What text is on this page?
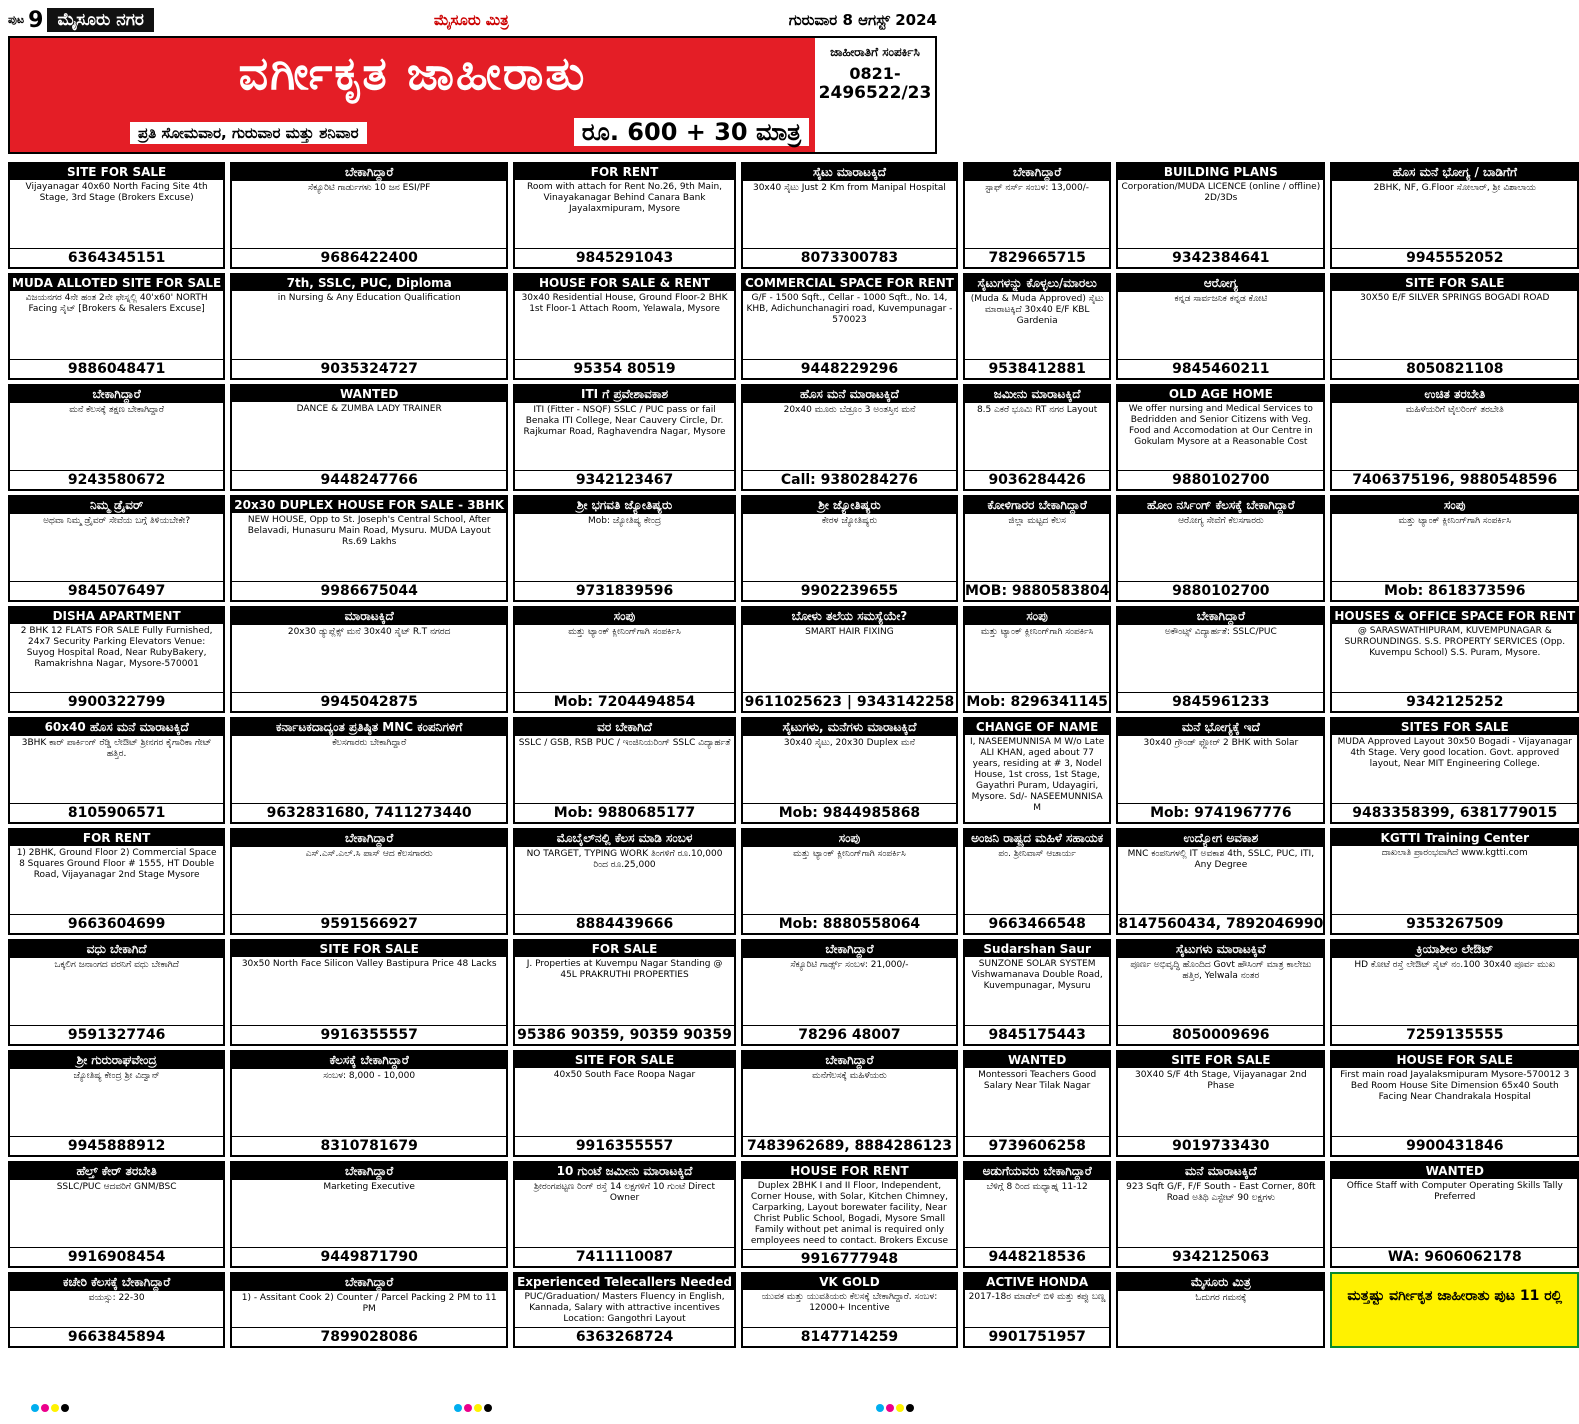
ಪುಟ 9 ಮೈಸೂರು ನಗರ	ಮೈಸೂರು ಮಿತ್ರ	ಗುರುವಾರ 8 ಆಗಸ್ಟ್ 2024
ವರ್ಗೀಕೃತ ಜಾಹೀರಾತು
ಪ್ರತಿ ಸೋಮವಾರ, ಗುರುವಾರ ಮತ್ತು ಶನಿವಾರ	ರೂ. 600 + 30 ಮಾತ್ರ
ಜಾಹೀರಾತಿಗೆ ಸಂಪರ್ಕಿಸಿ
0821-
2496522/23
SITE FOR SALE
Vijayanagar 40x60 North Facing Site 4th Stage, 3rd Stage (Brokers Excuse)
6364345151
ಬೇಕಾಗಿದ್ದಾರೆ
ಸೆಕ್ಯೂರಿಟಿ ಗಾರ್ಡುಗಳು 10 ಜನ ESI/PF
9686422400
FOR RENT
Room with attach for Rent No.26, 9th Main, Vinayakanagar Behind Canara Bank Jayalaxmipuram, Mysore
9845291043
ಸೈಟು ಮಾರಾಟಕ್ಕಿದೆ
30x40 ಸೈಟು Just 2 Km from Manipal Hospital
8073300783
ಬೇಕಾಗಿದ್ದಾರೆ
ಸ್ಟಾಫ್ ನರ್ಸ್ ಸಂಬಳ: 13,000/-
7829665715
BUILDING PLANS
Corporation/MUDA LICENCE (online / offline) 2D/3Ds
9342384641
ಹೊಸ ಮನೆ ಭೋಗ್ಯ / ಬಾಡಿಗೆಗೆ
2BHK, NF, G.Floor ಸೋಲಾರ್, ಶ್ರೀ ವಿಶಾಲಾಯ
9945552052
MUDA ALLOTED SITE FOR SALE
ವಿಜಯನಗರ 4ನೇ ಹಂತ 2ನೇ ಫೇಸ್ನಲ್ಲಿ 40'x60' NORTH Facing ಸೈಟ್ [Brokers & Resalers Excuse]
9886048471
7th, SSLC, PUC, Diploma
in Nursing & Any Education Qualification
9035324727
HOUSE FOR SALE & RENT
30x40 Residential House, Ground Floor-2 BHK 1st Floor-1 Attach Room, Yelawala, Mysore
95354 80519
COMMERCIAL SPACE FOR RENT
G/F - 1500 Sqft., Cellar - 1000 Sqft., No. 14, KHB, Adichunchanagiri road, Kuvempunagar - 570023
9448229296
ಸೈಟುಗಳನ್ನು ಕೊಳ್ಳಲು/ಮಾರಲು
(Muda & Muda Approved) ಸೈಟು ಮಾರಾಟಕ್ಕಿದೆ 30x40 E/F KBL Gardenia
9538412881
ಆರೋಗ್ಯ
ಕನ್ನಡ ಸಾರ್ವಜನಿಕ ಕನ್ನಡ ಕೋಟಿ
9845460211
SITE FOR SALE
30X50 E/F SILVER SPRINGS BOGADI ROAD
8050821108
ಬೇಕಾಗಿದ್ದಾರೆ
ಮನೆ ಕೆಲಸಕ್ಕೆ ತಕ್ಷಣ ಬೇಕಾಗಿದ್ದಾರೆ
9243580672
WANTED
DANCE & ZUMBA LADY TRAINER
9448247766
ITI ಗೆ ಪ್ರವೇಶಾವಕಾಶ
ITI (Fitter - NSQF) SSLC / PUC pass or fail Benaka ITI College, Near Cauvery Circle, Dr. Rajkumar Road, Raghavendra Nagar, Mysore
9342123467
ಹೊಸ ಮನೆ ಮಾರಾಟಕ್ಕಿದೆ
20x40 ಮೂರು ಬೆಡ್ರೂಂ 3 ಅಂತಸ್ತಿನ ಮನೆ
Call: 9380284276
ಜಮೀನು ಮಾರಾಟಕ್ಕಿದೆ
8.5 ಎಕರೆ ಭೂಮಿ RT ನಗರ Layout
9036284426
OLD AGE HOME
We offer nursing and Medical Services to Bedridden and Senior Citizens with Veg. Food and Accomodation at Our Centre in Gokulam Mysore at a Reasonable Cost
9880102700
ಉಚಿತ ತರಬೇತಿ
ಮಹಿಳೆಯರಿಗೆ ಟೈಲರಿಂಗ್ ತರಬೇತಿ
7406375196, 9880548596
ನಿಮ್ಮ ಡ್ರೈವರ್
ಅಥವಾ ನಿಮ್ಮ ಡ್ರೈವರ್ ಸೇವೆಯ ಬಗ್ಗೆ ತಿಳಿಯಬೇಕೇ?
9845076497
20x30 DUPLEX HOUSE FOR SALE - 3BHK
NEW HOUSE, Opp to St. Joseph's Central School, After Belavadi, Hunasuru Main Road, Mysuru. MUDA Layout Rs.69 Lakhs
9986675044
ಶ್ರೀ ಭಗವತಿ ಜ್ಯೋತಿಷ್ಯರು
Mob: ಜ್ಯೋತಿಷ್ಯ ಕೇಂದ್ರ
9731839596
ಶ್ರೀ ಜ್ಯೋತಿಷ್ಯರು
ಕೇರಳ ಜ್ಯೋತಿಷ್ಯರು
9902239655
ಕೋಳಿಗಾರರ ಬೇಕಾಗಿದ್ದಾರೆ
ಜಿಲ್ಲಾ ಮಟ್ಟದ ಕೆಲಸ
MOB: 9880583804
ಹೋಂ ನರ್ಸಿಂಗ್ ಕೆಲಸಕ್ಕೆ ಬೇಕಾಗಿದ್ದಾರೆ
ಆರೋಗ್ಯ ಸೇವೆಗೆ ಕೆಲಸಗಾರರು
9880102700
ಸಂಪು
ಮತ್ತು ಟ್ಯಾಂಕ್ ಕ್ಲೀನಿಂಗ್‌ಗಾಗಿ ಸಂಪರ್ಕಿಸಿ
Mob: 8618373596
DISHA APARTMENT
2 BHK 12 FLATS FOR SALE Fully Furnished, 24x7 Security Parking Elevators Venue: Suyog Hospital Road, Near RubyBakery, Ramakrishna Nagar, Mysore-570001
9900322799
ಮಾರಾಟಕ್ಕಿದೆ
20x30 ಡ್ಯುಪ್ಲೆಕ್ಸ್ ಮನೆ 30x40 ಸೈಟ್ R.T ನಗರದ
9945042875
ಸಂಪು
ಮತ್ತು ಟ್ಯಾಂಕ್ ಕ್ಲೀನಿಂಗ್‌ಗಾಗಿ ಸಂಪರ್ಕಿಸಿ
Mob: 7204494854
ಬೋಳು ತಲೆಯ ಸಮಸ್ಯೆಯೇ?
SMART HAIR FIXING
9611025623 | 9343142258
ಸಂಪು
ಮತ್ತು ಟ್ಯಾಂಕ್ ಕ್ಲೀನಿಂಗ್‌ಗಾಗಿ ಸಂಪರ್ಕಿಸಿ
Mob: 8296341145
ಬೇಕಾಗಿದ್ದಾರೆ
ಅಕೌಂಟ್ಸ್ ವಿದ್ಯಾರ್ಹತೆ: SSLC/PUC
9845961233
HOUSES & OFFICE SPACE FOR RENT
@ SARASWATHIPURAM, KUVEMPUNAGAR & SURROUNDINGS. S.S. PROPERTY SERVICES (Opp. Kuvempu School) S.S. Puram, Mysore.
9342125252
60x40 ಹೊಸ ಮನೆ ಮಾರಾಟಕ್ಕಿದೆ
3BHK ಕಾರ್ ಪಾರ್ಕಿಂಗ್ ರೆಡ್ಡಿ ಲೇಔಟ್ ಶ್ರೀನಗರ ಕೈಗಾರಿಕಾ ಗೇಟ್ ಹತ್ತಿರ.
8105906571
ಕರ್ನಾಟಕದಾದ್ಯಂತ ಪ್ರತಿಷ್ಠಿತ MNC ಕಂಪನಿಗಳಿಗೆ
ಕೆಲಸಗಾರರು ಬೇಕಾಗಿದ್ದಾರೆ
9632831680, 7411273440
ವರ ಬೇಕಾಗಿದೆ
SSLC / GSB, RSB PUC / ಇಂಜಿನಿಯರಿಂಗ್ SSLC ವಿದ್ಯಾರ್ಹತೆ
Mob: 9880685177
ಸೈಟುಗಳು, ಮನೆಗಳು ಮಾರಾಟಕ್ಕಿದೆ
30x40 ಸೈಟು, 20x30 Duplex ಮನೆ
Mob: 9844985868
CHANGE OF NAME
I, NASEEMUNNISA M W/o Late ALI KHAN, aged about 77 years, residing at # 3, Nodel House, 1st cross, 1st Stage, Gayathri Puram, Udayagiri, Mysore. Sd/- NASEEMUNNISA M
ಮನೆ ಭೋಗ್ಯಕ್ಕೆ ಇದೆ
30x40 ಗ್ರೌಂಡ್ ಫ್ಲೋರ್ 2 BHK with Solar
Mob: 9741967776
SITES FOR SALE
MUDA Approved Layout 30x50 Bogadi - Vijayanagar 4th Stage. Very good location. Govt. approved layout, Near MIT Engineering College.
9483358399, 6381779015
FOR RENT
1) 2BHK, Ground Floor 2) Commercial Space 8 Squares Ground Floor # 1555, HT Double Road, Vijayanagar 2nd Stage Mysore
9663604699
ಬೇಕಾಗಿದ್ದಾರೆ
ಎಸ್.ಎಸ್.ಎಲ್.ಸಿ ಪಾಸ್ ಆದ ಕೆಲಸಗಾರರು
9591566927
ಮೊಬೈಲ್‌ನಲ್ಲಿ ಕೆಲಸ ಮಾಡಿ ಸಂಬಳ
NO TARGET, TYPING WORK ತಿಂಗಳಿಗೆ ರೂ.10,000 ರಿಂದ ರೂ.25,000
8884439666
ಸಂಪು
ಮತ್ತು ಟ್ಯಾಂಕ್ ಕ್ಲೀನಿಂಗ್‌ಗಾಗಿ ಸಂಪರ್ಕಿಸಿ
Mob: 8880558064
ಅಂಜನಿ ರಾಷ್ಟ್ರದ ಮಹಿಳೆ ಸಹಾಯಕ
ಪಂ. ಶ್ರೀನಿವಾಸ್ ಆಚಾರ್ಯ
9663466548
ಉದ್ಯೋಗ ಅವಕಾಶ
MNC ಕಂಪನಿಗಳಲ್ಲಿ IT ಅವಕಾಶ 4th, SSLC, PUC, ITI, Any Degree
8147560434, 7892046990
KGTTI Training Center
ದಾಖಲಾತಿ ಪ್ರಾರಂಭವಾಗಿದೆ www.kgtti.com
9353267509
ವಧು ಬೇಕಾಗಿದೆ
ಒಕ್ಕಲಿಗ ಜನಾಂಗದ ವರನಿಗೆ ವಧು ಬೇಕಾಗಿದೆ
9591327746
SITE FOR SALE
30x50 North Face Silicon Valley Bastipura Price 48 Lacks
9916355557
FOR SALE
J. Properties at Kuvempu Nagar Standing @ 45L PRAKRUTHI PROPERTIES
95386 90359, 90359 90359
ಬೇಕಾಗಿದ್ದಾರೆ
ಸೆಕ್ಯೂರಿಟಿ ಗಾರ್ಡ್ಸ್ ಸಂಬಳ: 21,000/-
78296 48007
Sudarshan Saur
SUNZONE SOLAR SYSTEM Vishwamanava Double Road, Kuvempunagar, Mysuru
9845175443
ಸೈಟುಗಳು ಮಾರಾಟಕ್ಕಿವೆ
ಪೂರ್ಣ ಅಭಿವೃದ್ಧಿ ಹೊಂದಿದ Govt ಹೌಸಿಂಗ್ ಮಾತ್ರ ಕಾಲೇಜು ಹತ್ತಿರ, Yelwala ನಂತರ
8050009696
ಕ್ರಿಯಾಶೀಲ ಲೇಔಟ್
HD ಕೋಟೆ ರಸ್ತೆ ಲೇಔಟ್ ಸೈಟ್ ನಂ.100 30x40 ಪೂರ್ವ ಮುಖ
7259135555
ಶ್ರೀ ಗುರುರಾಘವೇಂದ್ರ
ಜ್ಯೋತಿಷ್ಯ ಕೇಂದ್ರ ಶ್ರೀ ವಿದ್ವಾನ್
9945888912
ಕೆಲಸಕ್ಕೆ ಬೇಕಾಗಿದ್ದಾರೆ
ಸಂಬಳ: 8,000 - 10,000
8310781679
SITE FOR SALE
40x50 South Face Roopa Nagar
9916355557
ಬೇಕಾಗಿದ್ದಾರೆ
ಮನೆಗೆಲಸಕ್ಕೆ ಮಹಿಳೆಯರು
7483962689, 8884286123
WANTED
Montessori Teachers Good Salary Near Tilak Nagar
9739606258
SITE FOR SALE
30X40 S/F 4th Stage, Vijayanagar 2nd Phase
9019733430
HOUSE FOR SALE
First main road Jayalaksmipuram Mysore-570012 3 Bed Room House Site Dimension 65x40 South Facing Near Chandrakala Hospital
9900431846
ಹೆಲ್ತ್ ಕೇರ್ ತರಬೇತಿ
SSLC/PUC ಆದವರಿಗೆ GNM/BSC
9916908454
ಬೇಕಾಗಿದ್ದಾರೆ
Marketing Executive
9449871790
10 ಗುಂಟೆ ಜಮೀನು ಮಾರಾಟಕ್ಕಿದೆ
ಶ್ರೀರಂಗಪಟ್ಟಣ ರಿಂಗ್ ರಸ್ತೆ 14 ಲಕ್ಷಗಳಿಗೆ 10 ಗುಂಟೆ Direct Owner
7411110087
HOUSE FOR RENT
Duplex 2BHK I and II Floor, Independent, Corner House, with Solar, Kitchen Chimney, Carparking, Layout borewater facility, Near Christ Public School, Bogadi, Mysore Small Family without pet animal is required only employees need to contact. Brokers Excuse
9916777948
ಅಡುಗೆಯವರು ಬೇಕಾಗಿದ್ದಾರೆ
ಬೆಳಿಗ್ಗೆ 8 ರಿಂದ ಮಧ್ಯಾಹ್ನ 11-12
9448218536
ಮನೆ ಮಾರಾಟಕ್ಕಿದೆ
923 Sqft G/F, F/F South - East Corner, 80ft Road ಅತಿಥಿ ಎಸ್ಟೇಟ್ 90 ಲಕ್ಷಗಳು
9342125063
WANTED
Office Staff with Computer Operating Skills Tally Preferred
WA: 9606062178
ಕಚೇರಿ ಕೆಲಸಕ್ಕೆ ಬೇಕಾಗಿದ್ದಾರೆ
ವಯಸ್ಸು: 22-30
9663845894
ಬೇಕಾಗಿದ್ದಾರೆ
1) - Assitant Cook 2) Counter / Parcel Packing 2 PM to 11 PM
7899028086
Experienced Telecallers Needed
PUC/Graduation/ Masters Fluency in English, Kannada, Salary with attractive incentives Location: Gangothri Layout
6363268724
VK GOLD
ಯುವಕ ಮತ್ತು ಯುವತಿಯರು ಕೆಲಸಕ್ಕೆ ಬೇಕಾಗಿದ್ದಾರೆ. ಸಂಬಳ: 12000+ Incentive
8147714259
ACTIVE HONDA
2017-18ರ ಮಾಡೆಲ್ ಬಿಳಿ ಮತ್ತು ಕಪ್ಪು ಬಣ್ಣ
9901751957
ಮೈಸೂರು ಮಿತ್ರ
ಓದುಗರ ಗಮನಕ್ಕೆ	ಮತ್ತಷ್ಟು ವರ್ಗೀಕೃತ ಜಾಹೀರಾತು ಪುಟ 11 ರಲ್ಲಿ
